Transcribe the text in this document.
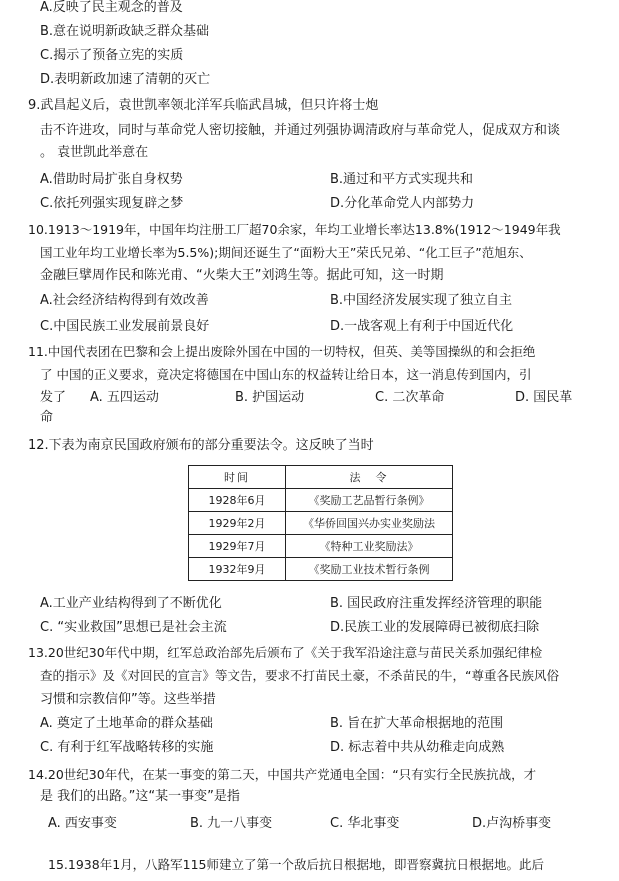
A.反映了民主观念的普及
B.意在说明新政缺乏群众基础
C.揭示了预备立宪的实质
D.表明新政加速了清朝的灭亡
9.武昌起义后，袁世凯率领北洋军兵临武昌城，但只许将士炮
击不许进攻，同时与革命党人密切接触，并通过列强协调清政府与革命党人，促成双方和谈
。 袁世凯此举意在
A.借助时局扩张自身权势	B.通过和平方式实现共和
C.依托列强实现复辟之梦	D.分化革命党人内部势力
10.1913～1919年，中国年均注册工厂超70余家，年均工业增长率达13.8%(1912～1949年我
国工业年均工业增长率为5.5%);期间还诞生了“面粉大王”荣氏兄弟、“化工巨子”范旭东、
金融巨擘周作民和陈光甫、“火柴大王”刘鸿生等。据此可知，这一时期
A.社会经济结构得到有效改善	B.中国经济发展实现了独立自主
C.中国民族工业发展前景良好	D.一战客观上有利于中国近代化
11.中国代表团在巴黎和会上提出废除外国在中国的一切特权，但英、美等国操纵的和会拒绝
了 中国的正义要求，竟决定将德国在中国山东的权益转让给日本，这一消息传到国内，引
发了 A. 五四运动	B. 护国运动	C. 二次革命	D. 国民革
命
12.下表为南京民国政府颁布的部分重要法令。这反映了当时
时间	法　令
1928年6月	《奖励工艺品暂行条例》
1929年2月	《华侨回国兴办实业奖励法
1929年7月	《特种工业奖励法》
1932年9月	《奖励工业技术暂行条例
A.工业产业结构得到了不断优化	B. 国民政府注重发挥经济管理的职能
C. “实业救国”思想已是社会主流	D.民族工业的发展障碍已被彻底扫除
13.20世纪30年代中期，红军总政治部先后颁布了《关于我军沿途注意与苗民关系加强纪律检
查的指示》及《对回民的宣言》等文告，要求不打苗民土豪，不杀苗民的牛，“尊重各民族风俗
习惯和宗教信仰”等。这些举措
A. 奠定了土地革命的群众基础	B. 旨在扩大革命根据地的范围
C. 有利于红军战略转移的实施	D. 标志着中共从幼稚走向成熟
14.20世纪30年代，在某一事变的第二天，中国共产党通电全国：“只有实行全民族抗战，才
是 我们的出路。”这“某一事变”是指
A. 西安事变	B. 九一八事变	C. 华北事变	D.卢沟桥事变
15.1938年1月，八路军115师建立了第一个敌后抗日根据地，即晋察冀抗日根据地。此后
